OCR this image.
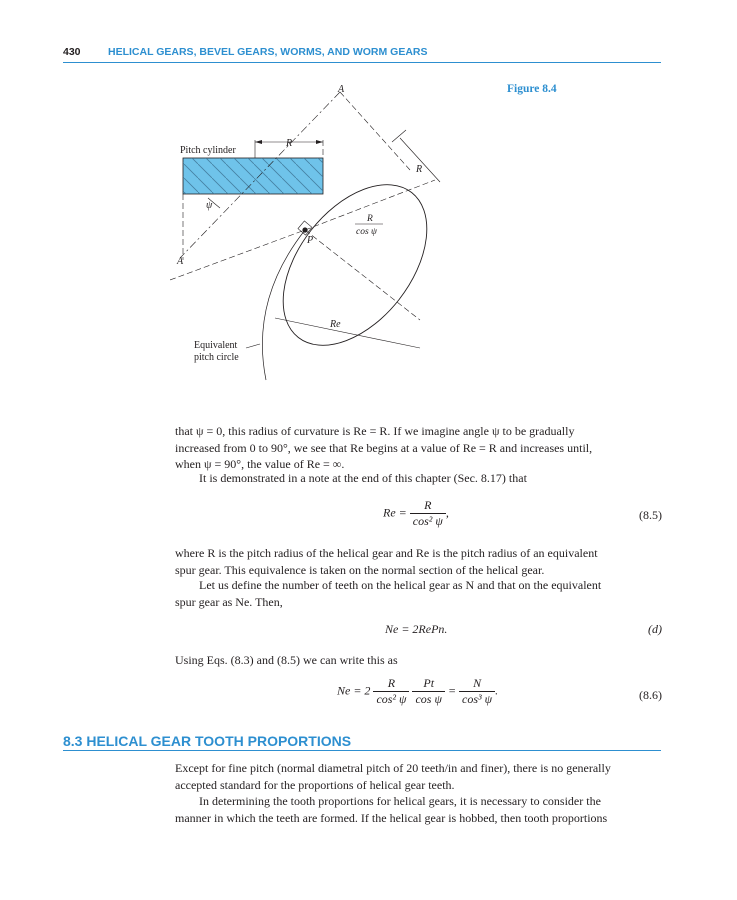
430	HELICAL GEARS, BEVEL GEARS, WORMS, AND WORM GEARS
Figure 8.4
A
A
Pitch cylinder
R
R
ψ
P
R
cos ψ
Re
Equivalent
pitch circle
that ψ = 0, this radius of curvature is Re = R. If we imagine angle ψ to be gradually
increased from 0 to 90°, we see that Re begins at a value of Re = R and increases until,
when ψ = 90°, the value of Re = ∞.
It is demonstrated in a note at the end of this chapter (Sec. 8.17) that
$Re = \frac{R}{\text{cos² ψ}}$ ,	(8.5)
where R is the pitch radius of the helical gear and Re is the pitch radius of an equivalent
spur gear. This equivalence is taken on the normal section of the helical gear.
Let us define the number of teeth on the helical gear as N and that on the equivalent
spur gear as Ne. Then,
Ne = 2RePn.	(d)
Using Eqs. (8.3) and (8.5) we can write this as
$Ne = 2 \frac{R}{\text{cos² ψ}}$
$\frac{Pt}{\text{cos ψ}} = \frac{N}{\text{cos³ ψ}}$ .	(8.6)
8.3 HELICAL GEAR TOOTH PROPORTIONS
Except for fine pitch (normal diametral pitch of 20 teeth/in and finer), there is no generally
accepted standard for the proportions of helical gear teeth.
In determining the tooth proportions for helical gears, it is necessary to consider the
manner in which the teeth are formed. If the helical gear is hobbed, then tooth proportions
